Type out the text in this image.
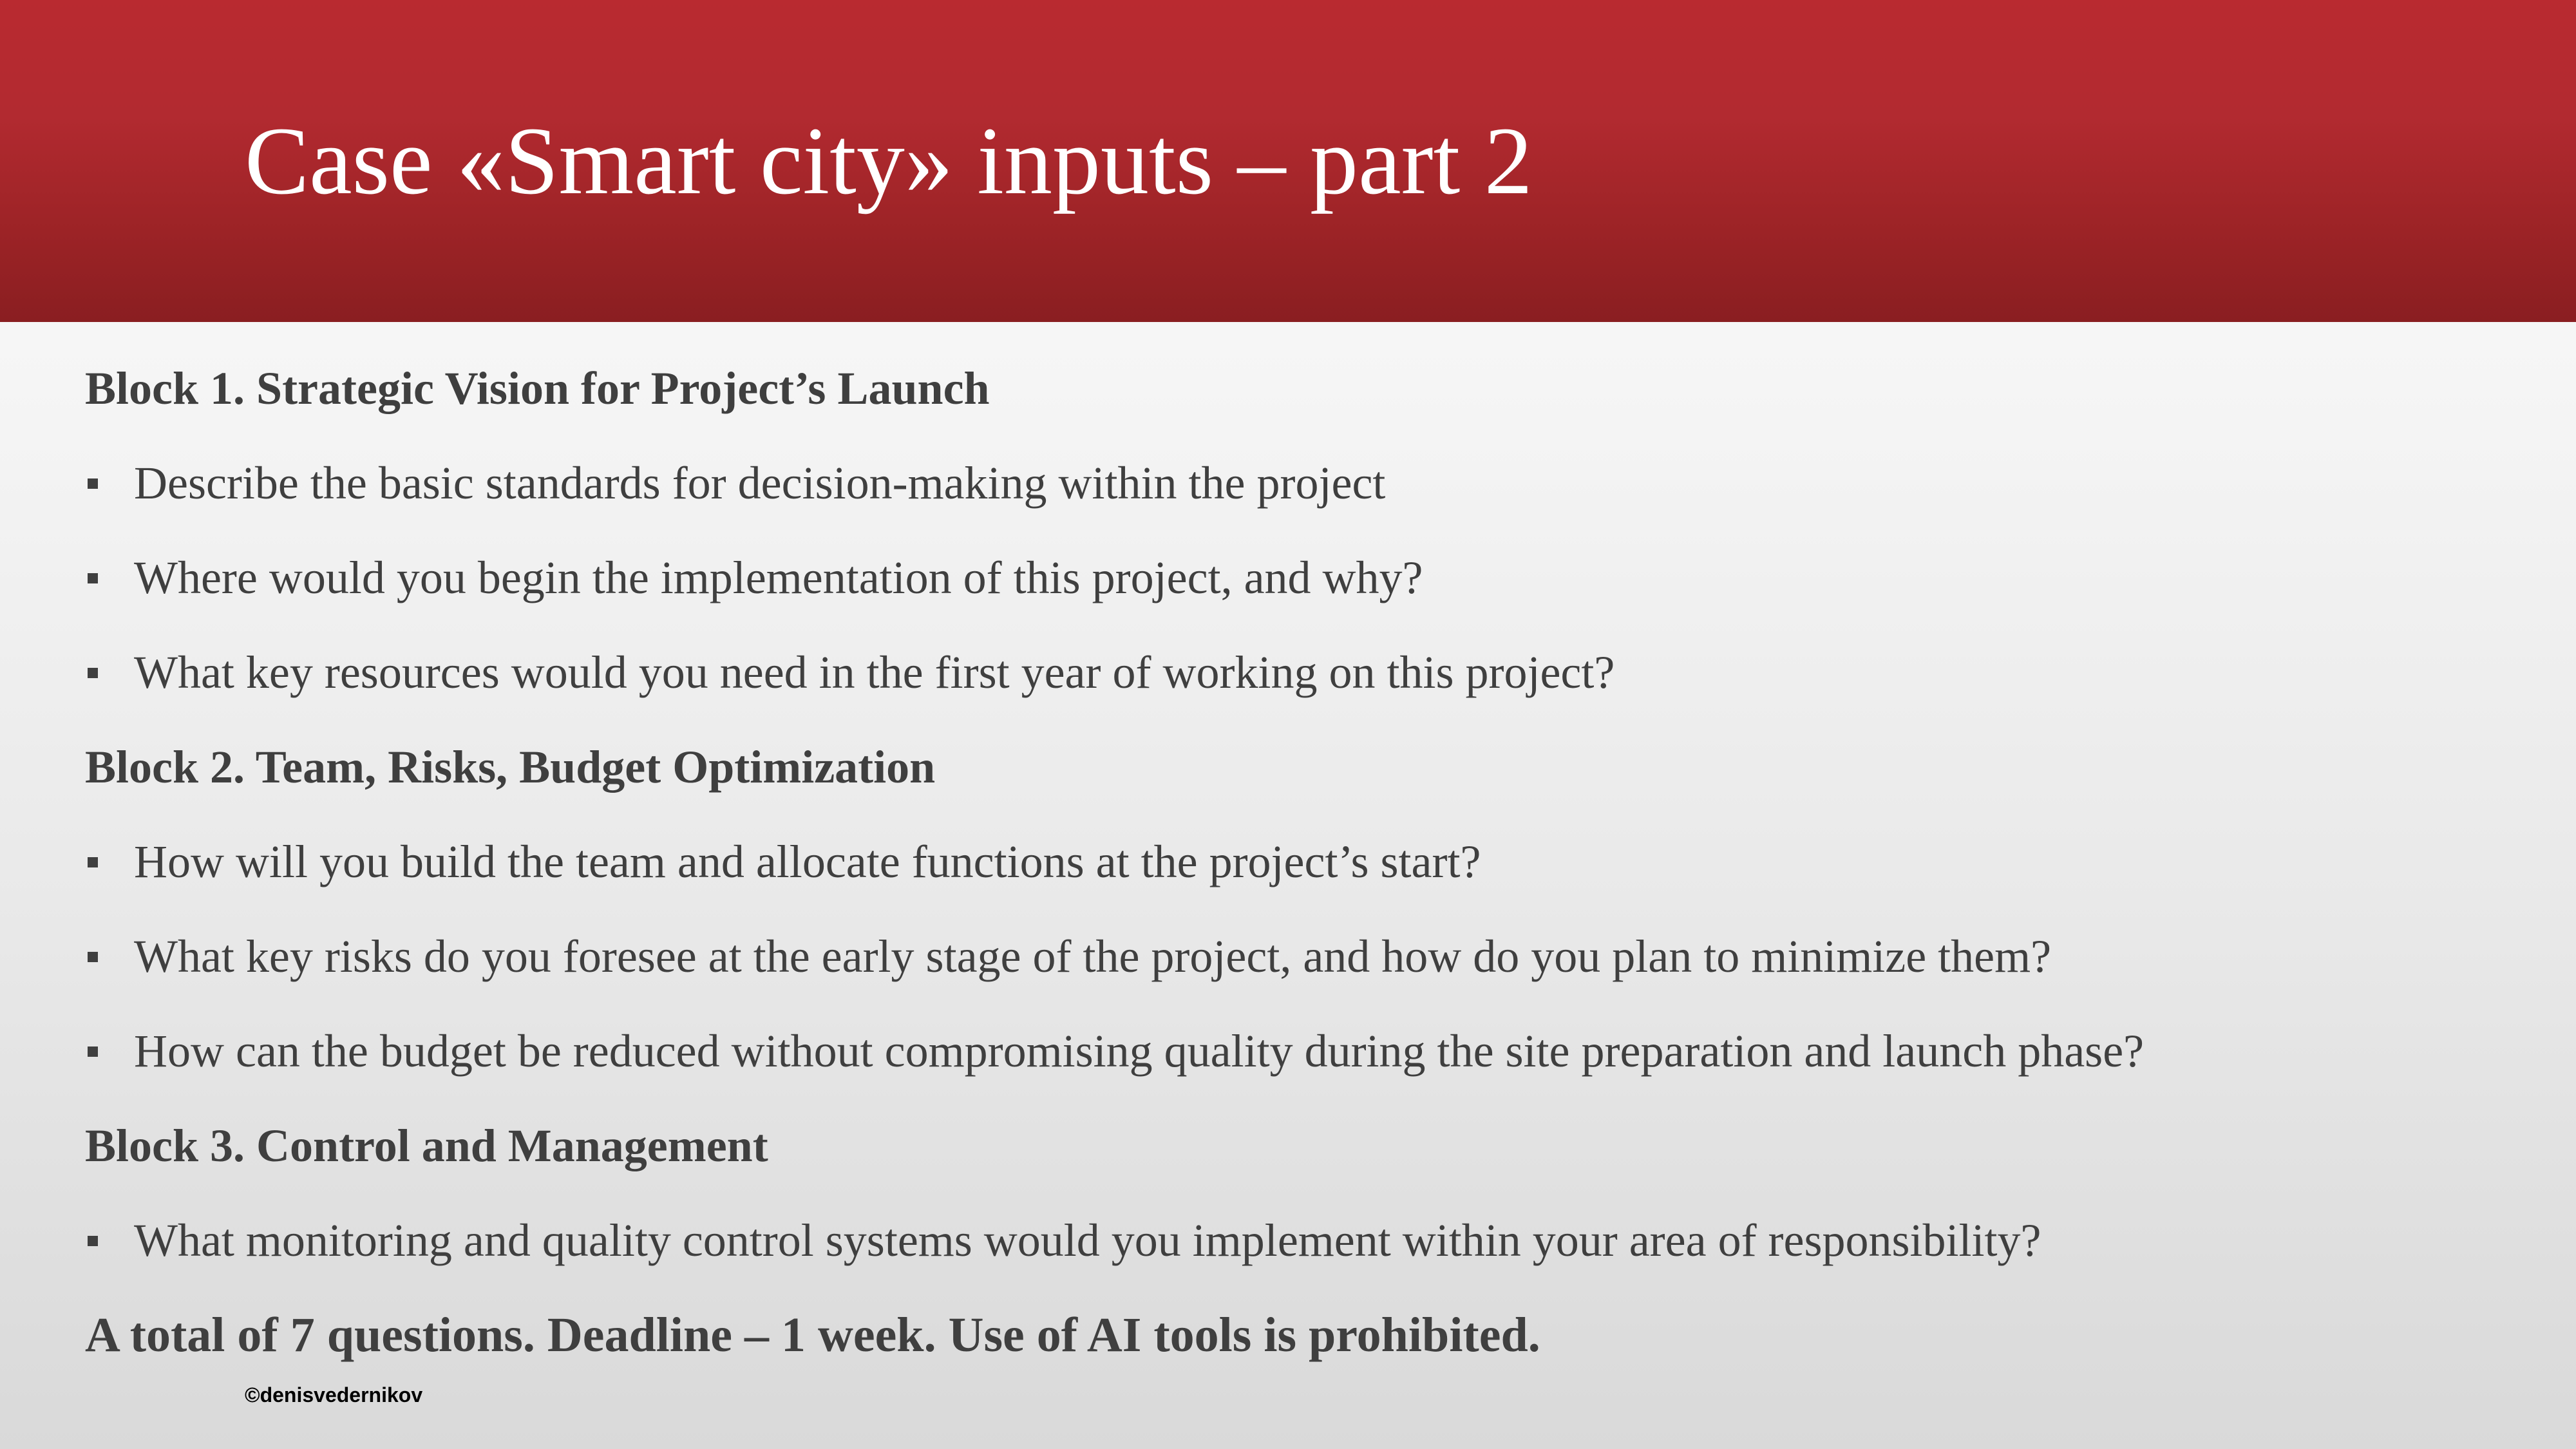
Case «Smart city» inputs – part 2
Block 1. Strategic Vision for Project’s Launch
Describe the basic standards for decision-making within the project
Where would you begin the implementation of this project, and why?
What key resources would you need in the first year of working on this project?
Block 2. Team, Risks, Budget Optimization
How will you build the team and allocate functions at the project’s start?
What key risks do you foresee at the early stage of the project, and how do you plan to minimize them?
How can the budget be reduced without compromising quality during the site preparation and launch phase?
Block 3. Control and Management
What monitoring and quality control systems would you implement within your area of responsibility?
A total of 7 questions. Deadline – 1 week. Use of AI tools is prohibited.
©denisvedernikov
